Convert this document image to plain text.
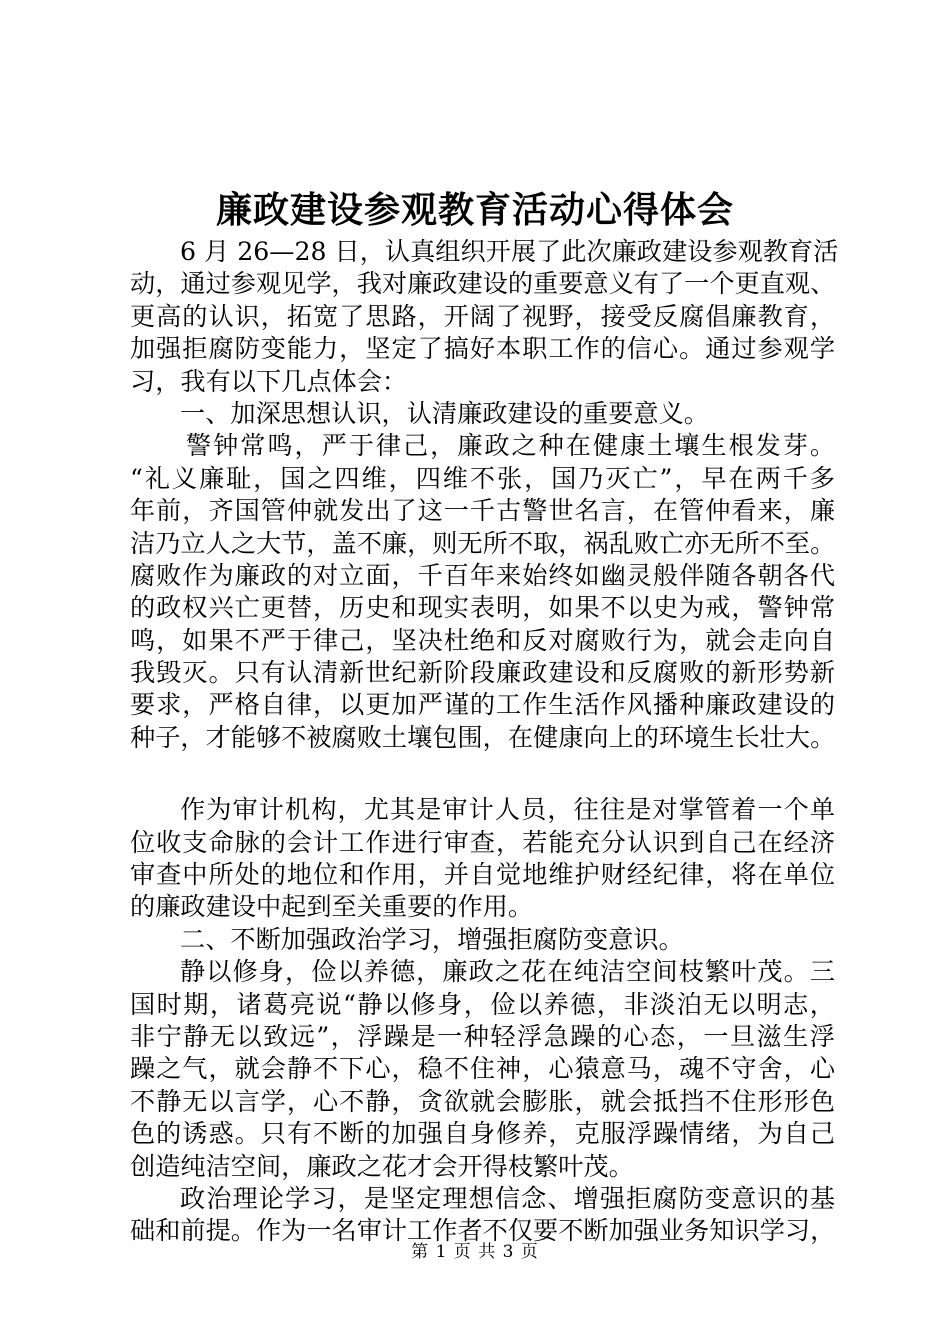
廉政建设参观教育活动心得体会
6 月 26—28 日，认真组织开展了此次廉政建设参观教育活
动，通过参观见学，我对廉政建设的重要意义有了一个更直观、
更高的认识，拓宽了思路，开阔了视野，接受反腐倡廉教育，
加强拒腐防变能力，坚定了搞好本职工作的信心。通过参观学
习，我有以下几点体会：
一、加深思想认识，认清廉政建设的重要意义。
警钟常鸣，严于律己，廉政之种在健康土壤生根发芽。
“礼义廉耻，国之四维，四维不张，国乃灭亡”，早在两千多
年前，齐国管仲就发出了这一千古警世名言，在管仲看来，廉
洁乃立人之大节，盖不廉，则无所不取，祸乱败亡亦无所不至。
腐败作为廉政的对立面，千百年来始终如幽灵般伴随各朝各代
的政权兴亡更替，历史和现实表明，如果不以史为戒，警钟常
鸣，如果不严于律己，坚决杜绝和反对腐败行为，就会走向自
我毁灭。只有认清新世纪新阶段廉政建设和反腐败的新形势新
要求，严格自律，以更加严谨的工作生活作风播种廉政建设的
种子，才能够不被腐败土壤包围，在健康向上的环境生长壮大。
作为审计机构，尤其是审计人员，往往是对掌管着一个单
位收支命脉的会计工作进行审查，若能充分认识到自己在经济
审查中所处的地位和作用，并自觉地维护财经纪律，将在单位
的廉政建设中起到至关重要的作用。
二、不断加强政治学习，增强拒腐防变意识。
静以修身，俭以养德，廉政之花在纯洁空间枝繁叶茂。三
国时期，诸葛亮说“静以修身，俭以养德，非淡泊无以明志，
非宁静无以致远”，浮躁是一种轻浮急躁的心态，一旦滋生浮
躁之气，就会静不下心，稳不住神，心猿意马，魂不守舍，心
不静无以言学，心不静，贪欲就会膨胀，就会抵挡不住形形色
色的诱惑。只有不断的加强自身修养，克服浮躁情绪，为自己
创造纯洁空间，廉政之花才会开得枝繁叶茂。
政治理论学习，是坚定理想信念、增强拒腐防变意识的基
础和前提。作为一名审计工作者不仅要不断加强业务知识学习，
第 1 页 共 3 页
